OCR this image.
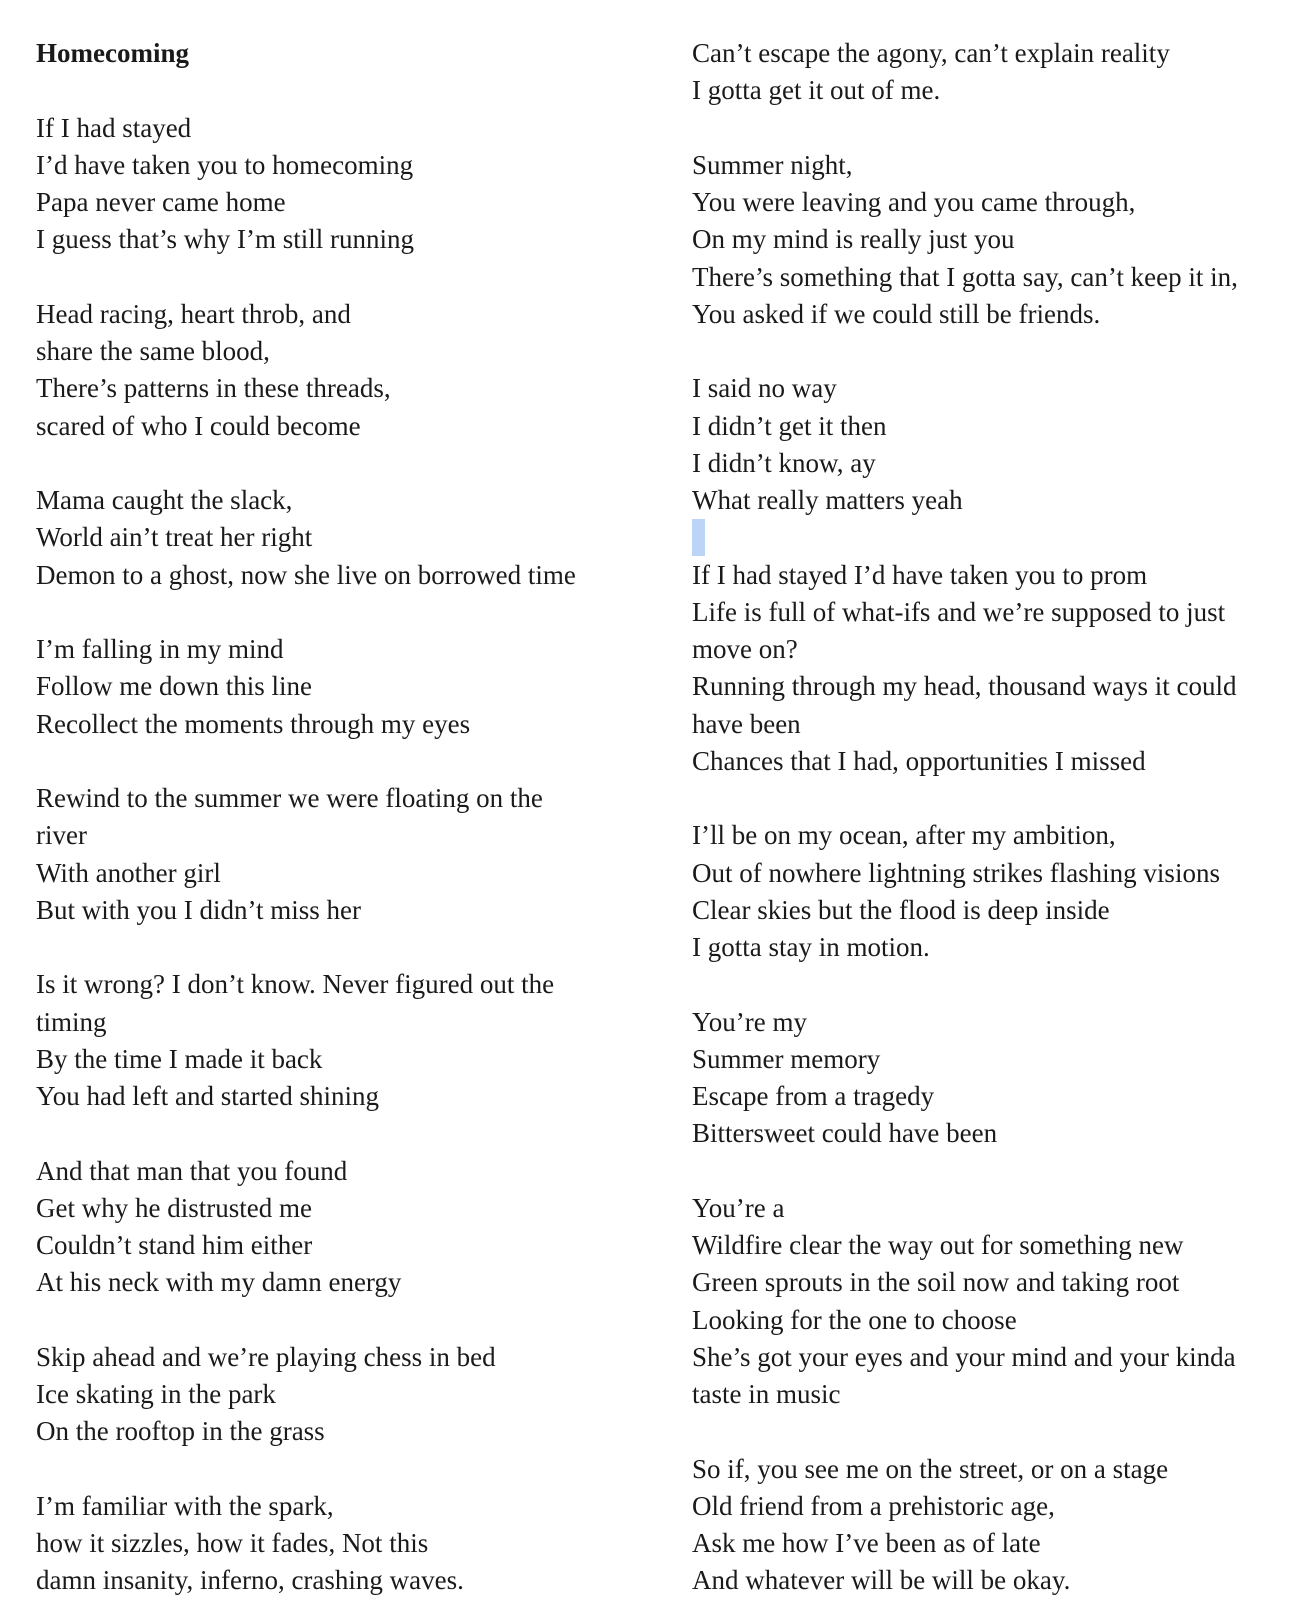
Homecoming
If I had stayed
I’d have taken you to homecoming
Papa never came home
I guess that’s why I’m still running
Head racing, heart throb, and
share the same blood,
There’s patterns in these threads,
scared of who I could become
Mama caught the slack,
World ain’t treat her right
Demon to a ghost, now she live on borrowed time
I’m falling in my mind
Follow me down this line
Recollect the moments through my eyes
Rewind to the summer we were floating on the
river
With another girl
But with you I didn’t miss her
Is it wrong? I don’t know. Never figured out the
timing
By the time I made it back
You had left and started shining
And that man that you found
Get why he distrusted me
Couldn’t stand him either
At his neck with my damn energy
Skip ahead and we’re playing chess in bed
Ice skating in the park
On the rooftop in the grass
I’m familiar with the spark,
how it sizzles, how it fades, Not this
damn insanity, inferno, crashing waves.
Can’t escape the agony, can’t explain reality
I gotta get it out of me.
Summer night,
You were leaving and you came through,
On my mind is really just you
There’s something that I gotta say, can’t keep it in,
You asked if we could still be friends.
I said no way
I didn’t get it then
I didn’t know, ay
What really matters yeah
If I had stayed I’d have taken you to prom
Life is full of what-ifs and we’re supposed to just
move on?
Running through my head, thousand ways it could
have been
Chances that I had, opportunities I missed
I’ll be on my ocean, after my ambition,
Out of nowhere lightning strikes flashing visions
Clear skies but the flood is deep inside
I gotta stay in motion.
You’re my
Summer memory
Escape from a tragedy
Bittersweet could have been
You’re a
Wildfire clear the way out for something new
Green sprouts in the soil now and taking root
Looking for the one to choose
She’s got your eyes and your mind and your kinda
taste in music
So if, you see me on the street, or on a stage
Old friend from a prehistoric age,
Ask me how I’ve been as of late
And whatever will be will be okay.
